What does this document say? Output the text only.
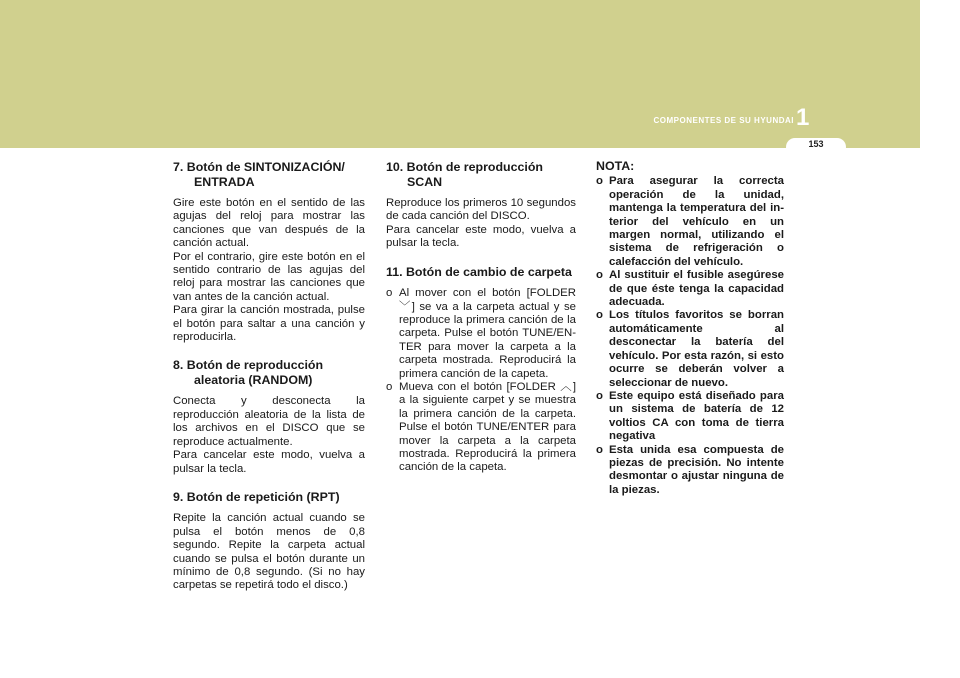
COMPONENTES DE SU HYUNDAI 1
153
7. Botón de SINTONIZACIÓN/ ENTRADA
Gire este botón en el sentido de las agujas del reloj para mostrar las canciones que van después de la canción actual.
Por el contrario, gire este botón en el sentido contrario de las agujas del reloj para mostrar las canciones que van antes de la canción actual.
Para girar la canción mostrada, pulse el botón para saltar a una canción y reproducirla.
8. Botón de reproducción aleatoria (RANDOM)
Conecta y desconecta la reproducción aleatoria de la lista de los archivos en el DISCO que se reproduce actualmente.
Para cancelar este modo, vuelva a pulsar la tecla.
9. Botón de repetición (RPT)
Repite la canción actual cuando se pulsa el botón menos de 0,8 segundo. Repite la carpeta actual cuando se pulsa el botón durante un mínimo de 0,8 segundo. (Si no hay carpetas se repetirá todo el disco.)
10. Botón de reproducción SCAN
Reproduce los primeros 10 segundos de cada canción del DISCO.
Para cancelar este modo, vuelva a pulsar la tecla.
11. Botón de cambio de carpeta
o Al mover con el botón [FOLDER ﹀] se va a la carpeta actual y se reproduce la primera canción de la carpeta. Pulse el botón TUNE/EN-TER para mover la carpeta a la carpeta mostrada. Reproducirá la primera canción de la capeta.
o Mueva con el botón [FOLDER ︿] a la siguiente carpet y se muestra la primera canción de la carpeta. Pulse el botón TUNE/ENTER para mover la carpeta a la carpeta mostrada. Reproducirá la primera canción de la capeta.
NOTA:
o Para asegurar la correcta operación de la unidad, mantenga la temperatura del in-terior del vehículo en un margen normal, utilizando el sistema de refrigeración o calefacción del vehículo.
o Al sustituir el fusible asegúrese de que éste tenga la capacidad adecuada.
o Los títulos favoritos se borran automáticamente al desconectar la batería del vehículo. Por esta razón, si esto ocurre se deberán volver a seleccionar de nuevo.
o Este equipo está diseñado para un sistema de batería de 12 voltios CA con toma de tierra negativa
o Esta unida esa compuesta de piezas de precisión. No intente desmontar o ajustar ninguna de la piezas.
